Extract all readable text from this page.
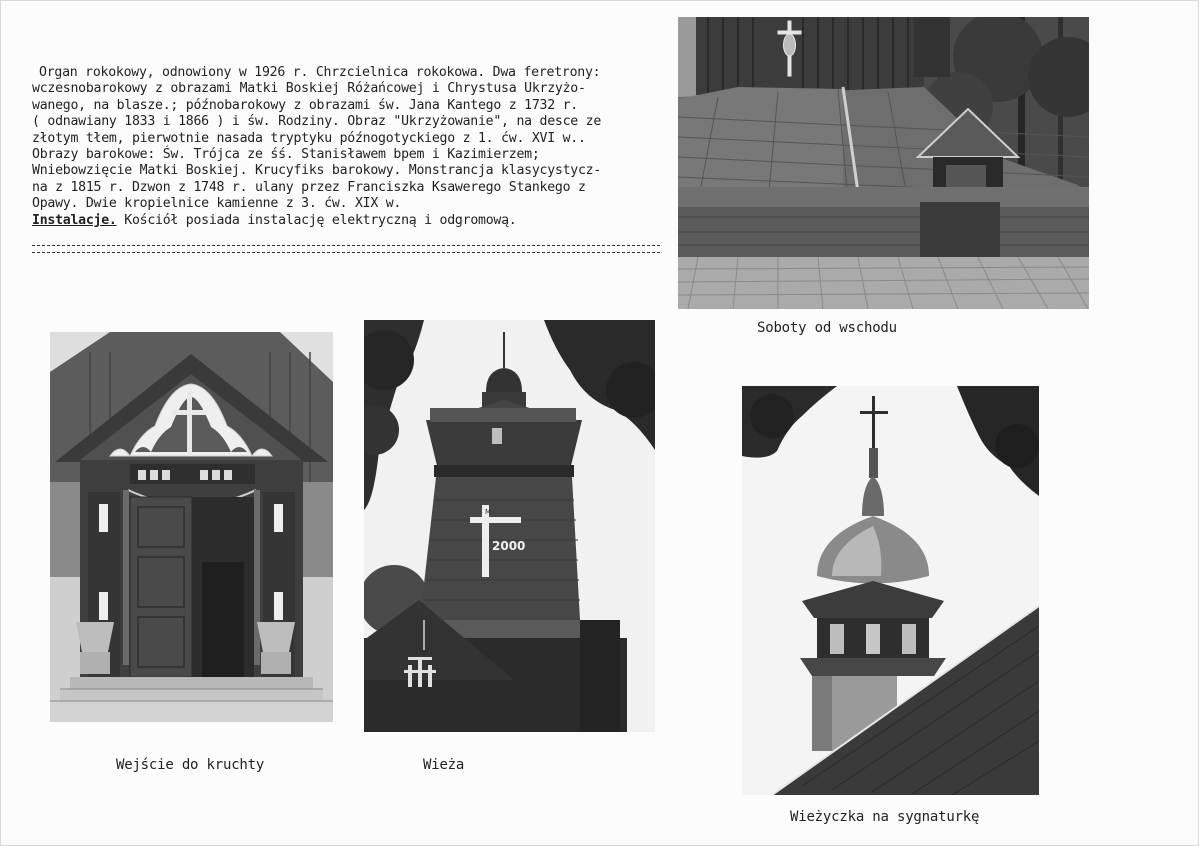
Organ rokokowy, odnowiony w 1926 r. Chrzcielnica rokokowa. Dwa feretrony:
wczesnobarokowy z obrazami Matki Boskiej Różańcowej i Chrystusa Ukrzyżo-
wanego, na blasze.; późnobarokowy z obrazami św. Jana Kantego z 1732 r.
( odnawiany 1833 i 1866 ) i św. Rodziny. Obraz "Ukrzyżowanie", na desce ze
złotym tłem, pierwotnie nasada tryptyku późnogotyckiego z 1. ćw. XVI w..
Obrazy barokowe: Św. Trójca ze śś. Stanisławem bpem i Kazimierzem;
Wniebowzięcie Matki Boskiej. Krucyfiks barokowy. Monstrancja klasycystycz-
na z 1815 r. Dzwon z 1748 r. ulany przez Franciszka Ksawerego Stankego z
Opawy. Dwie kropielnice kamienne z 3. ćw. XIX w.
Instalacje. Kościół posiada instalację elektryczną i odgromową.
Soboty od wschodu
Wejście do kruchty
M
2000
Wieża
Wieżyczka na sygnaturkę
